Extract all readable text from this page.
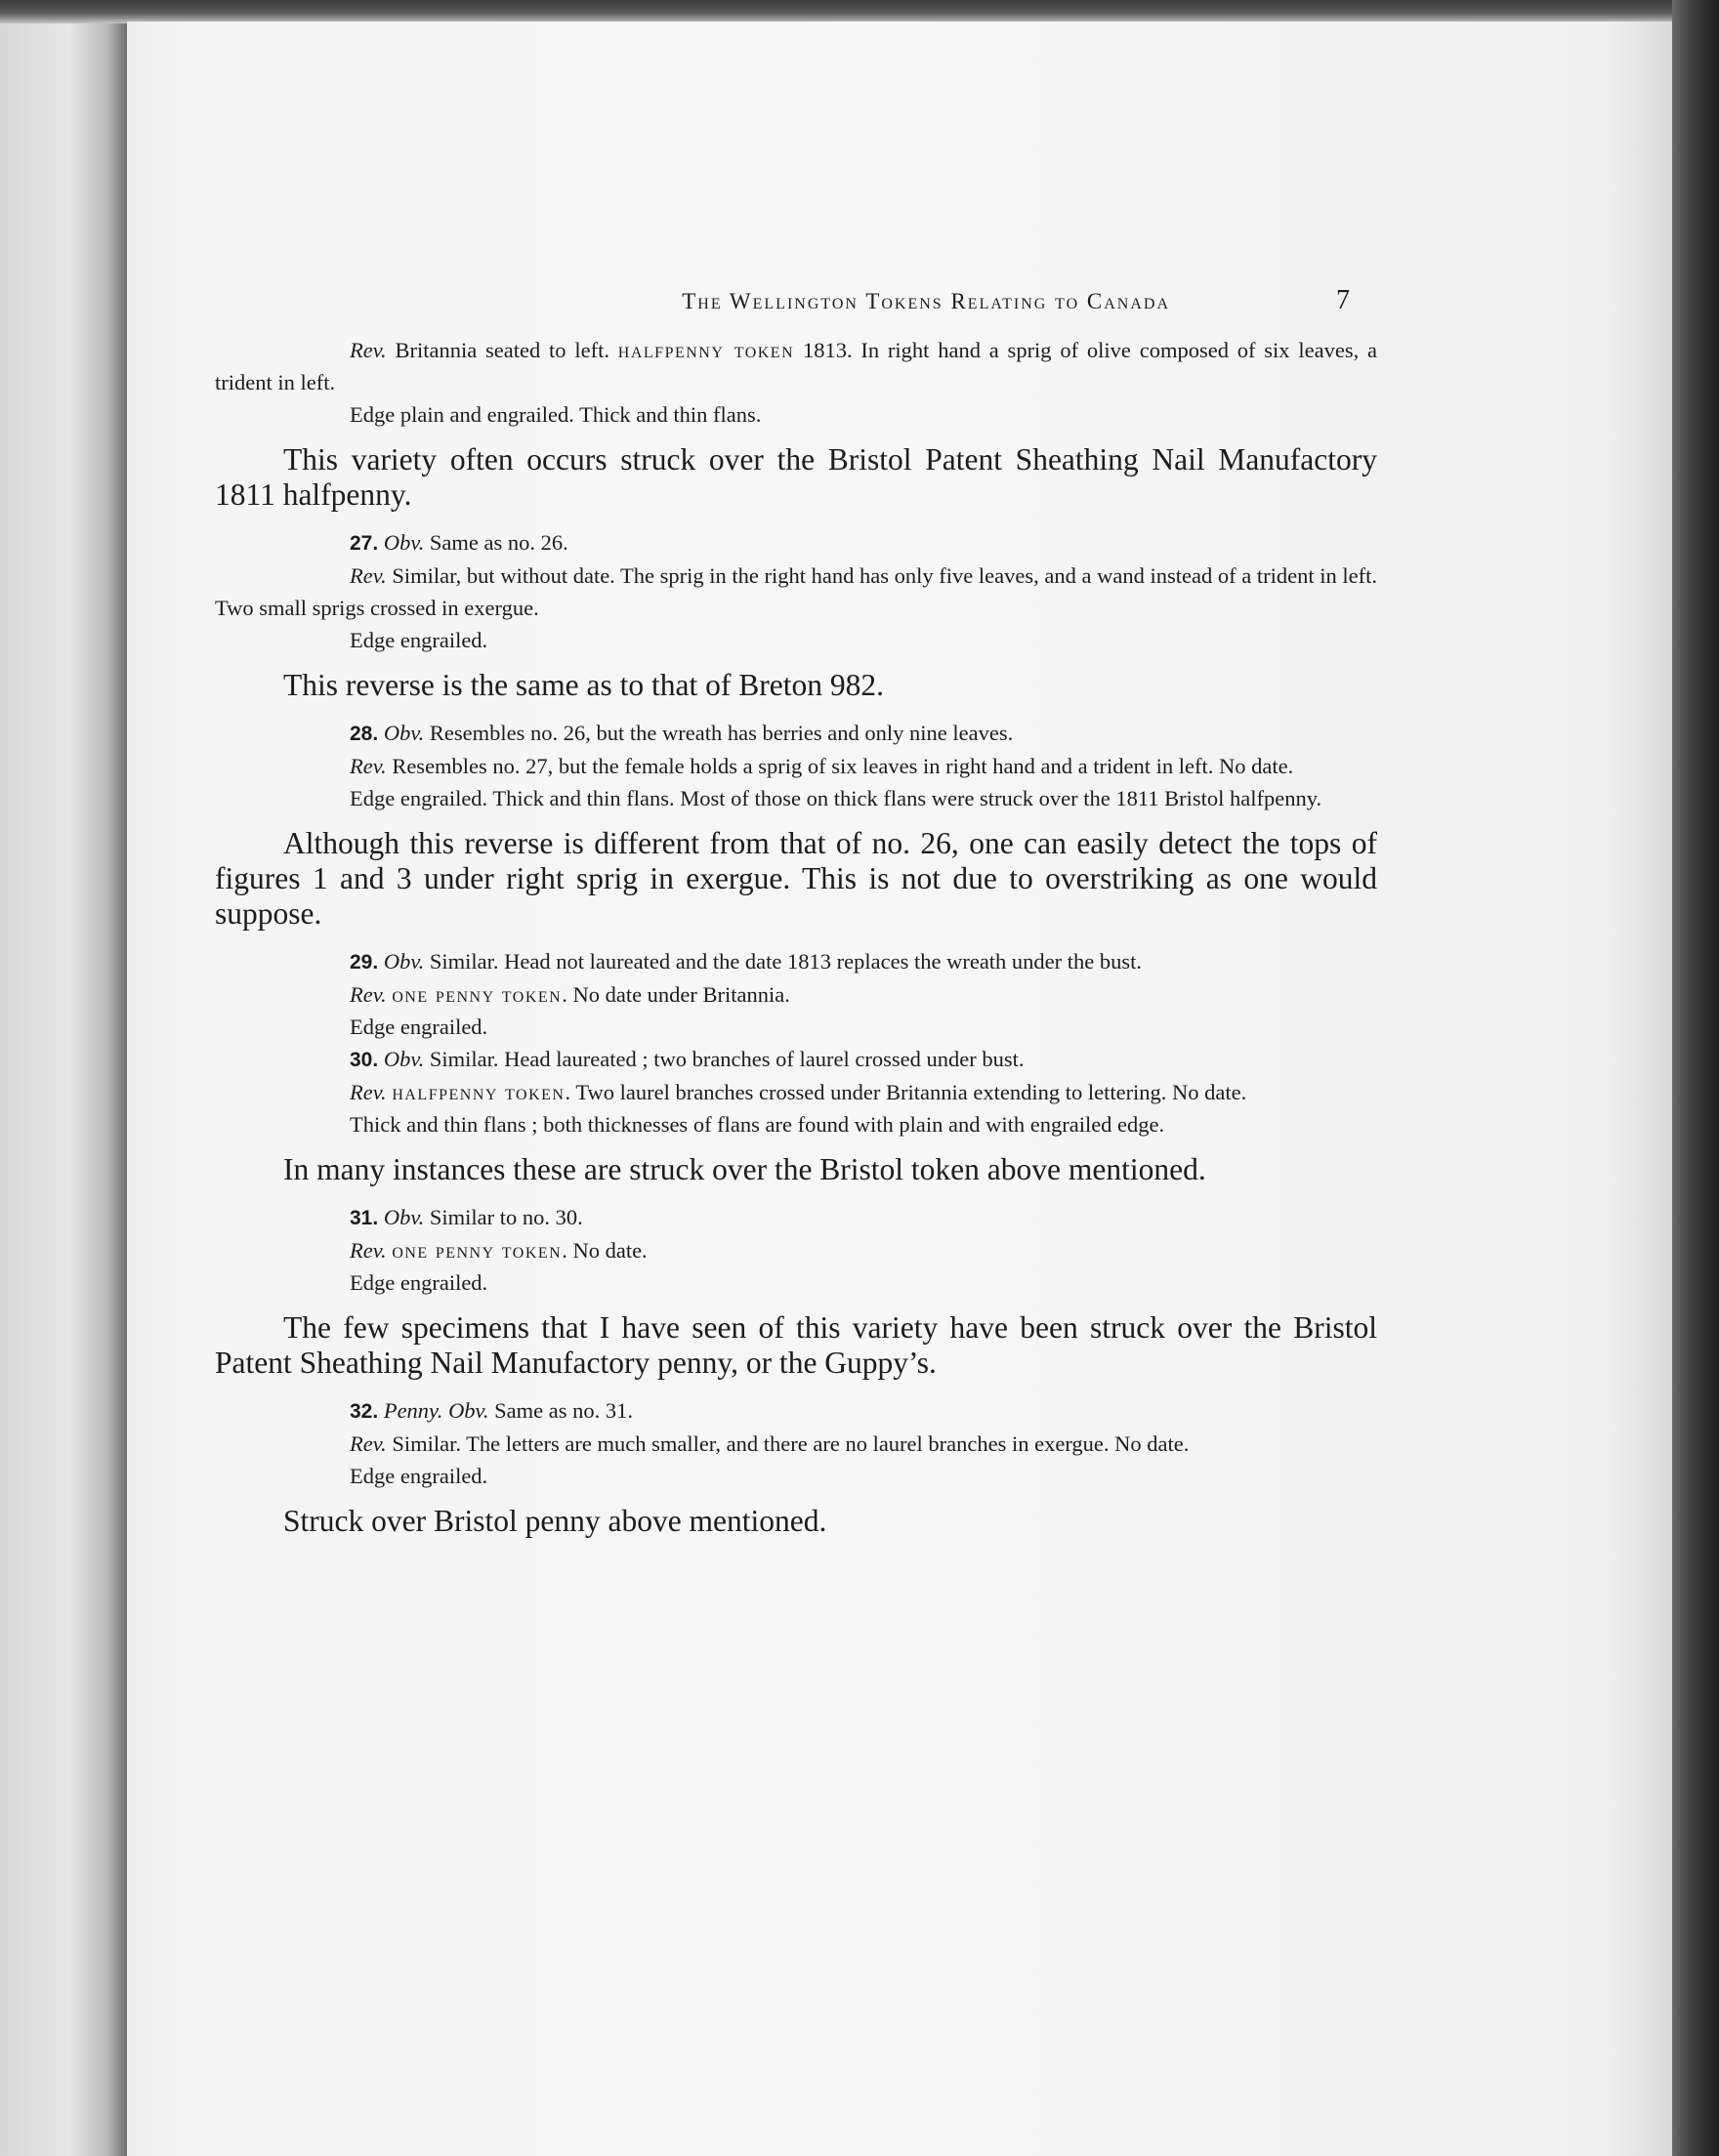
The Wellington Tokens Relating to Canada	7

Rev. Britannia seated to left. halfpenny token 1813. In right hand a sprig of olive composed of six leaves, a trident in left.

Edge plain and engrailed. Thick and thin flans.

This variety often occurs struck over the Bristol Patent Sheathing Nail Manufactory 1811 halfpenny.

27. Obv. Same as no. 26.

Rev. Similar, but without date. The sprig in the right hand has only five leaves, and a wand instead of a trident in left. Two small sprigs crossed in exergue.

Edge engrailed.

This reverse is the same as to that of Breton 982.

28. Obv. Resembles no. 26, but the wreath has berries and only nine leaves.

Rev. Resembles no. 27, but the female holds a sprig of six leaves in right hand and a trident in left. No date.

Edge engrailed. Thick and thin flans. Most of those on thick flans were struck over the 1811 Bristol halfpenny.

Although this reverse is different from that of no. 26, one can easily detect the tops of figures 1 and 3 under right sprig in exergue. This is not due to overstriking as one would suppose.

29. Obv. Similar. Head not laureated and the date 1813 replaces the wreath under the bust.

Rev. one penny token. No date under Britannia.

Edge engrailed.

30. Obv. Similar. Head laureated ; two branches of laurel crossed under bust.

Rev. halfpenny token. Two laurel branches crossed under Britannia extending to lettering. No date.

Thick and thin flans ; both thicknesses of flans are found with plain and with engrailed edge.

In many instances these are struck over the Bristol token above mentioned.

31. Obv. Similar to no. 30.

Rev. one penny token. No date.

Edge engrailed.

The few specimens that I have seen of this variety have been struck over the Bristol Patent Sheathing Nail Manufactory penny, or the Guppy’s.

32. Penny. Obv. Same as no. 31.

Rev. Similar. The letters are much smaller, and there are no laurel branches in exergue. No date.

Edge engrailed.

Struck over Bristol penny above mentioned.
